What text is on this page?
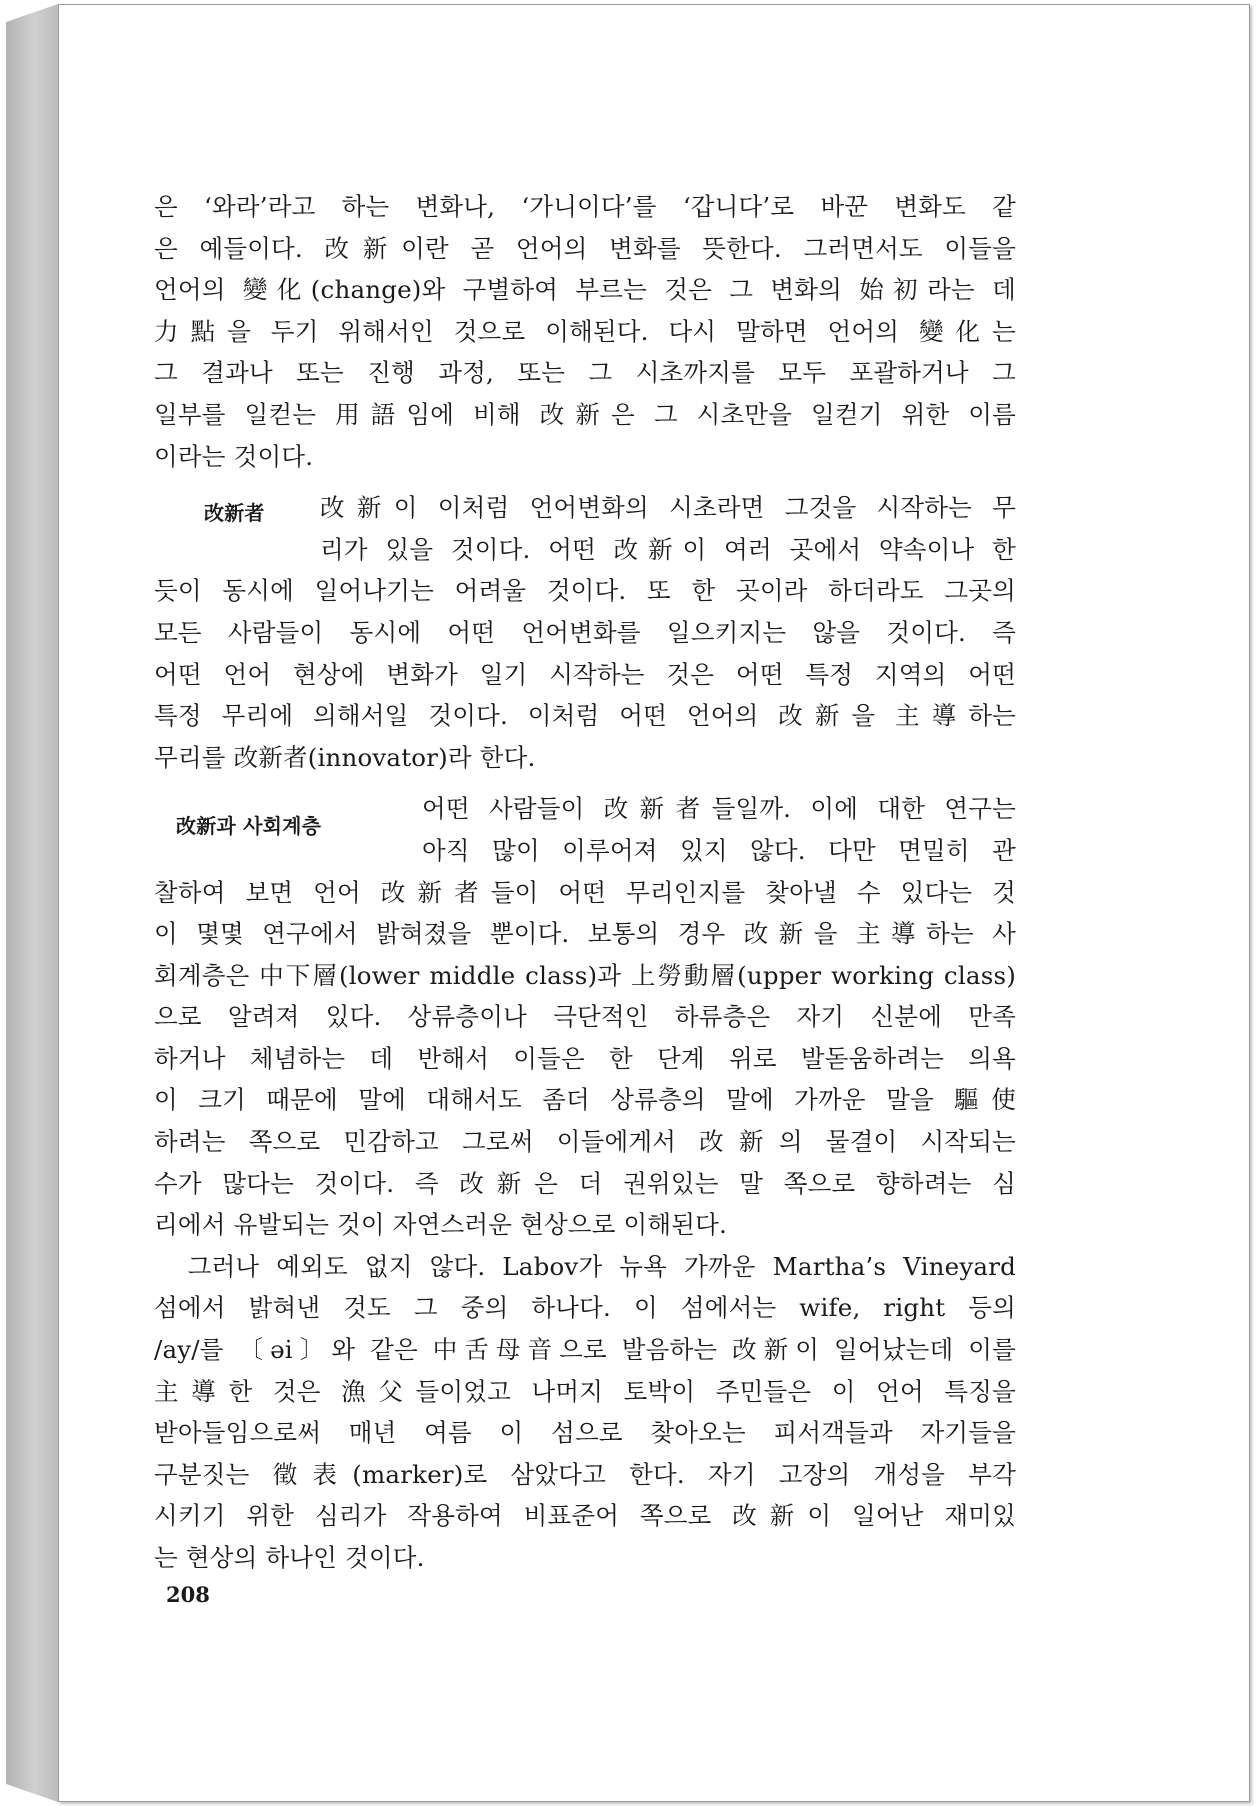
은 ‘와라’라고 하는 변화나, ‘가니이다’를 ‘갑니다’로 바꾼 변화도 같
은 예들이다. 改新이란 곧 언어의 변화를 뜻한다. 그러면서도 이들을
언어의 變化(change)와 구별하여 부르는 것은 그 변화의 始初라는 데
力點을 두기 위해서인 것으로 이해된다. 다시 말하면 언어의 變化는
그 결과나 또는 진행 과정, 또는 그 시초까지를 모두 포괄하거나 그
일부를 일컫는 用語임에 비해 改新은 그 시초만을 일컫기 위한 이름
이라는 것이다.

改新者 改新이 이처럼 언어변화의 시초라면 그것을 시작하는 무
리가 있을 것이다. 어떤 改新이 여러 곳에서 약속이나 한
듯이 동시에 일어나기는 어려울 것이다. 또 한 곳이라 하더라도 그곳의
모든 사람들이 동시에 어떤 언어변화를 일으키지는 않을 것이다. 즉
어떤 언어 현상에 변화가 일기 시작하는 것은 어떤 특정 지역의 어떤
특정 무리에 의해서일 것이다. 이처럼 어떤 언어의 改新을 主導하는
무리를 改新者(innovator)라 한다.
改新과 사회계층
어떤 사람들이 改新者들일까. 이에 대한 연구는
아직 많이 이루어져 있지 않다. 다만 면밀히 관
찰하여 보면 언어 改新者들이 어떤 무리인지를 찾아낼 수 있다는 것
이 몇몇 연구에서 밝혀졌을 뿐이다. 보통의 경우 改新을 主導하는 사
회계층은 中下層(lower middle class)과 上勞動層(upper working class)
으로 알려져 있다. 상류층이나 극단적인 하류층은 자기 신분에 만족
하거나 체념하는 데 반해서 이들은 한 단계 위로 발돋움하려는 의욕
이 크기 때문에 말에 대해서도 좀더 상류층의 말에 가까운 말을 驅使
하려는 쪽으로 민감하고 그로써 이들에게서 改新의 물결이 시작되는
수가 많다는 것이다. 즉 改新은 더 권위있는 말 쪽으로 향하려는 심
리에서 유발되는 것이 자연스러운 현상으로 이해된다.

　그러나 예외도 없지 않다. Labov가 뉴욕 가까운 Martha’s Vineyard
섬에서 밝혀낸 것도 그 중의 하나다. 이 섬에서는 wife, right 등의
/ay/를 〔əi〕와 같은 中舌母音으로 발음하는 改新이 일어났는데 이를
主導한 것은 漁父들이었고 나머지 토박이 주민들은 이 언어 특징을
받아들임으로써 매년 여름 이 섬으로 찾아오는 피서객들과 자기들을
구분짓는 徵表(marker)로 삼았다고 한다. 자기 고장의 개성을 부각
시키기 위한 심리가 작용하여 비표준어 쪽으로 改新이 일어난 재미있
는 현상의 하나인 것이다.

208
